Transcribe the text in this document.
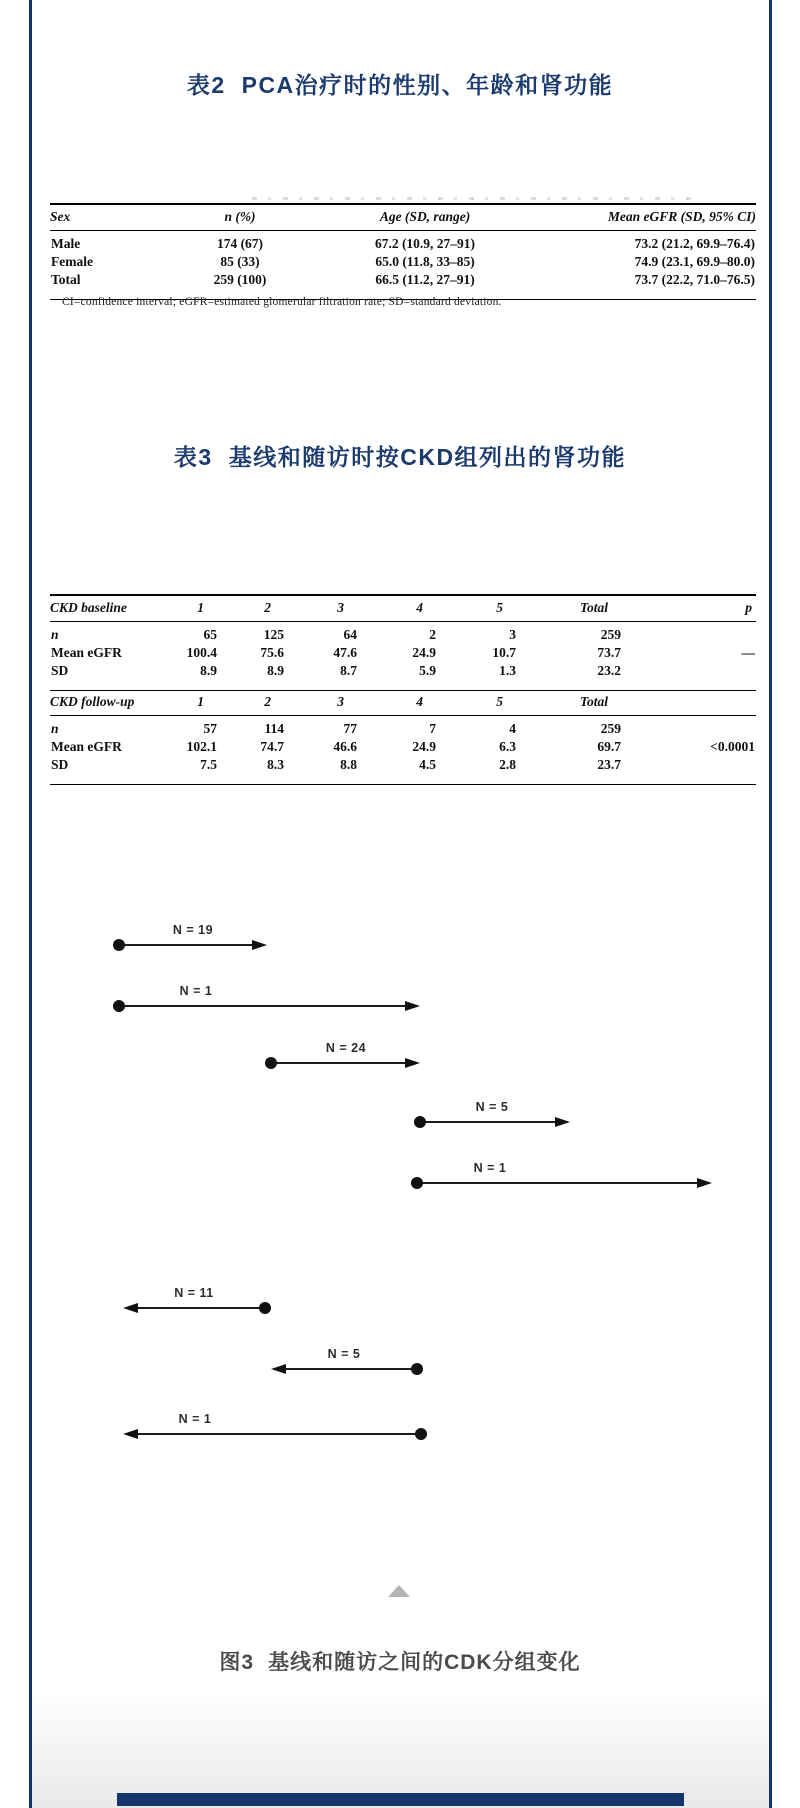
表2 PCA治疗时的性别、年龄和肾功能
Sex	n (%)	Age (SD, range)	Mean eGFR (SD, 95% CI)
Male	174 (67)	67.2 (10.9, 27–91)	73.2 (21.2, 69.9–76.4)
Female	85 (33)	65.0 (11.8, 33–85)	74.9 (23.1, 69.9–80.0)
Total	259 (100)	66.5 (11.2, 27–91)	73.7 (22.2, 71.0–76.5)
CI=confidence interval; eGFR=estimated glomerular filtration rate; SD=standard deviation.
表3 基线和随访时按CKD组列出的肾功能
CKD baseline	1	2	3	4	5	Total	p
n	65	125	64	2	3	259	
Mean eGFR	100.4	75.6	47.6	24.9	10.7	73.7	—
SD	8.9	8.9	8.7	5.9	1.3	23.2	
CKD follow-up	1	2	3	4	5	Total	
n	57	114	77	7	4	259	
Mean eGFR	102.1	74.7	46.6	24.9	6.3	69.7	<0.0001
SD	7.5	8.3	8.8	4.5	2.8	23.7	
N = 19
N = 1
N = 24
N = 5
N = 1
N = 11
N = 5
N = 1
图3 基线和随访之间的CDK分组变化
